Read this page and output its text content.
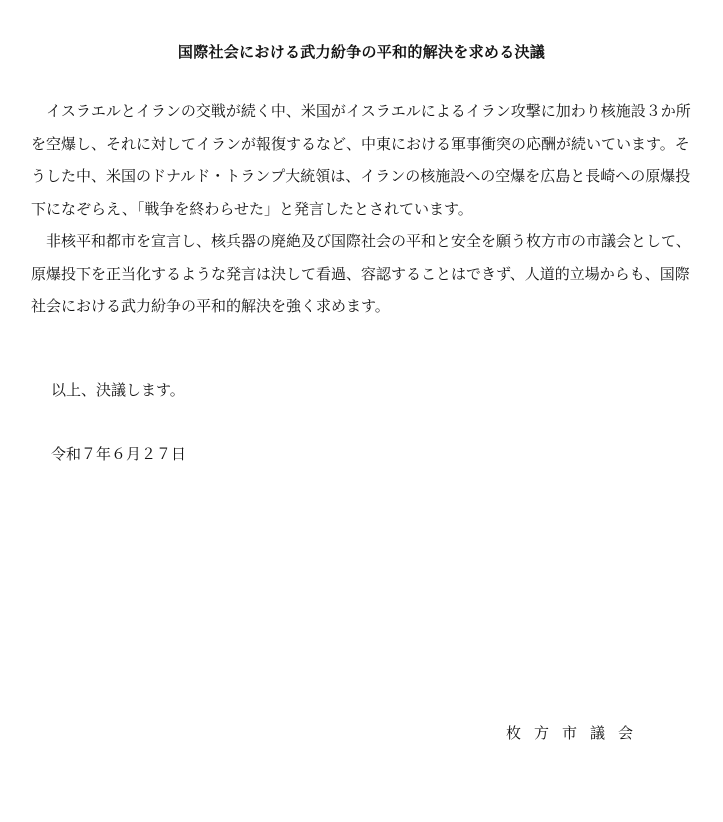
国際社会における武力紛争の平和的解決を求める決議

イスラエルとイランの交戦が続く中、米国がイスラエルによるイラン攻撃に加わり核施設３か所を空爆し、それに対してイランが報復するなど、中東における軍事衝突の応酬が続いています。そうした中、米国のドナルド・トランプ大統領は、イランの核施設への空爆を広島と長崎への原爆投下になぞらえ、「戦争を終わらせた」と発言したとされています。

非核平和都市を宣言し、核兵器の廃絶及び国際社会の平和と安全を願う枚方市の市議会として、原爆投下を正当化するような発言は決して看過、容認することはできず、人道的立場からも、国際社会における武力紛争の平和的解決を強く求めます。

以上、決議します。
令和７年６月２７日
枚方市議会
